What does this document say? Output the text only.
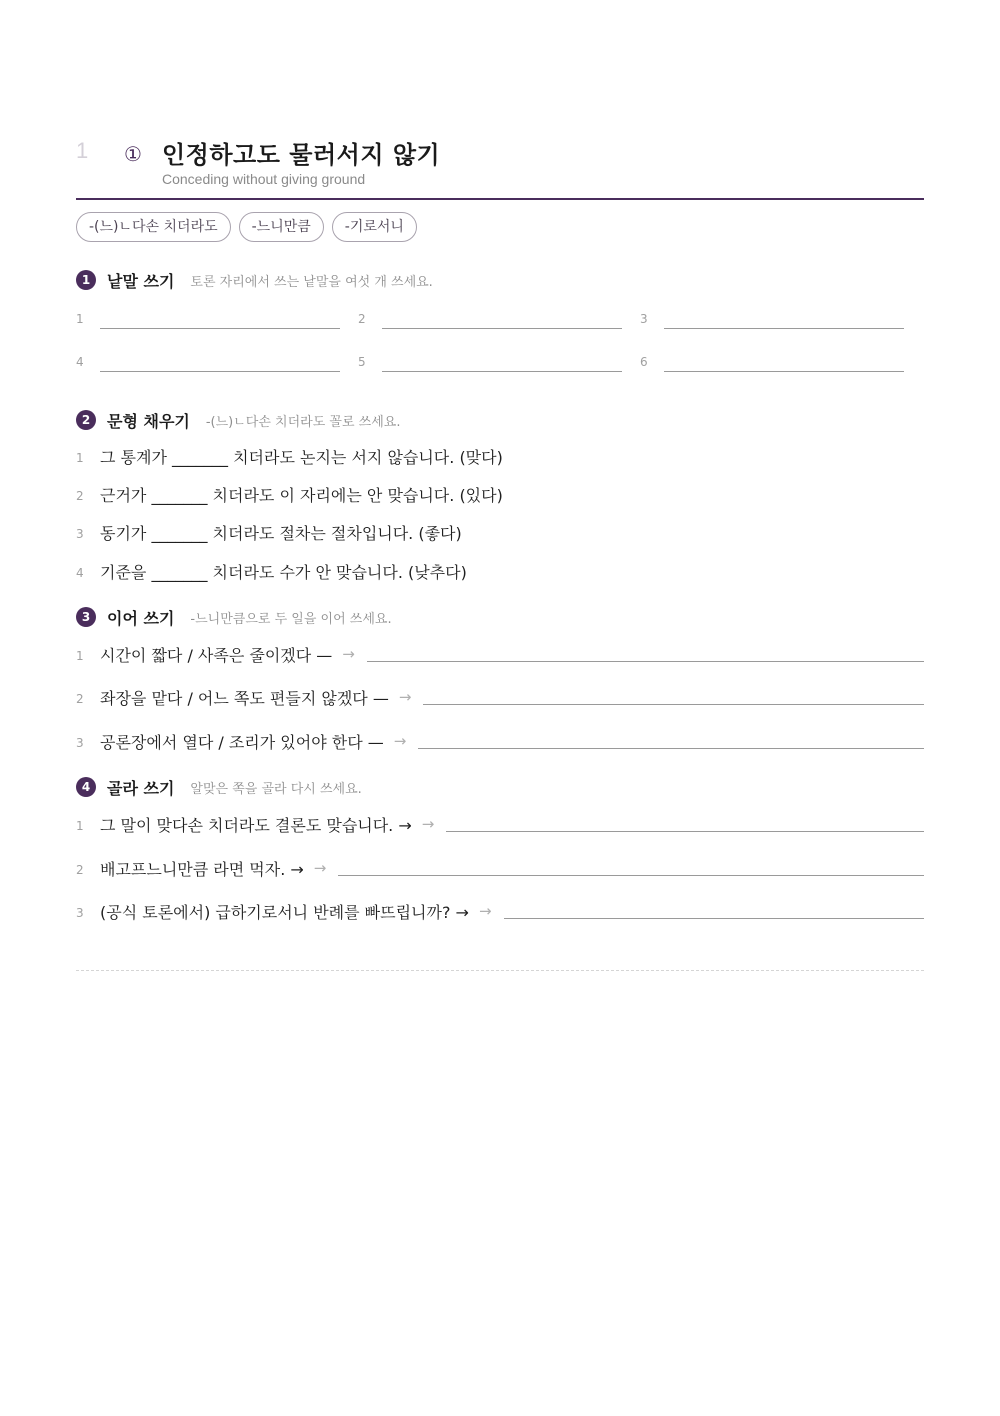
1 ① 인정하고도 물러서지 않기
Conceding without giving ground
-(느)ㄴ다손 치더라도	-느니만큼	-기로서니
1	낱말 쓰기 토론 자리에서 쓰는 낱말을 여섯 개 쓰세요.
1	2	3
4	5	6
2	문형 채우기 -(느)ㄴ다손 치더라도 꼴로 쓰세요.
1	그 통계가 _______ 치더라도 논지는 서지 않습니다. (맞다)
2	근거가 _______ 치더라도 이 자리에는 안 맞습니다. (있다)
3	동기가 _______ 치더라도 절차는 절차입니다. (좋다)
4	기준을 _______ 치더라도 수가 안 맞습니다. (낮추다)
3	이어 쓰기 -느니만큼으로 두 일을 이어 쓰세요.
1	시간이 짧다 / 사족은 줄이겠다 — →
2	좌장을 맡다 / 어느 쪽도 편들지 않겠다 — →
3	공론장에서 열다 / 조리가 있어야 한다 — →
4	골라 쓰기 알맞은 쪽을 골라 다시 쓰세요.
1	그 말이 맞다손 치더라도 결론도 맞습니다. → →
2	배고프느니만큼 라면 먹자. → →
3	(공식 토론에서) 급하기로서니 반례를 빠뜨립니까? → →
